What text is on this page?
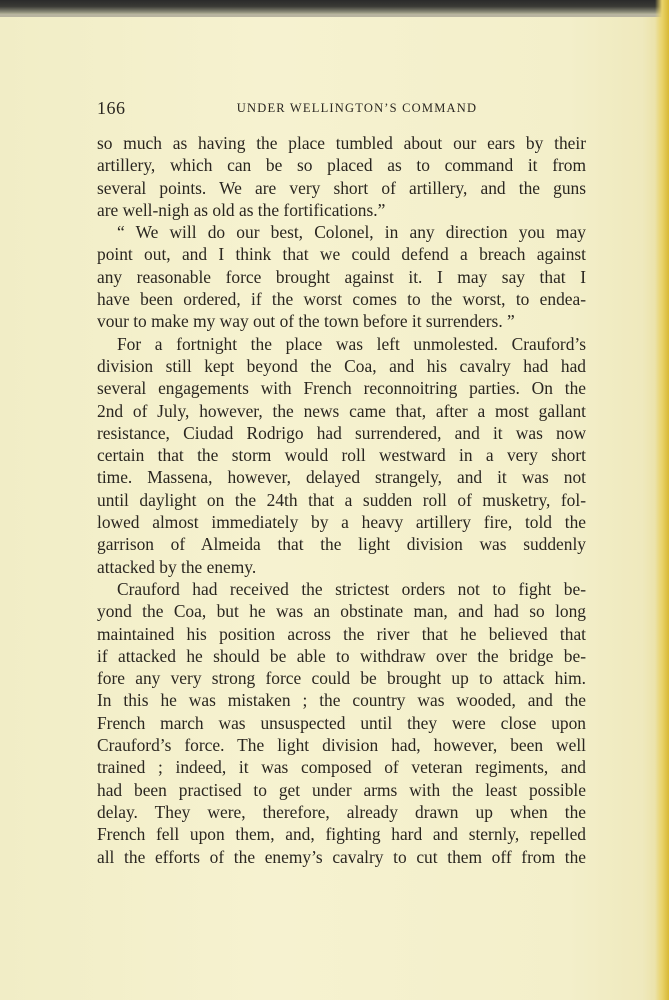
166	UNDER WELLINGTON’S COMMAND
so much as having the place tumbled about our ears by their
artillery, which can be so placed as to command it from
several points. We are very short of artillery, and the guns
are well-nigh as old as the fortifications.”
“ We will do our best, Colonel, in any direction you may
point out, and I think that we could defend a breach against
any reasonable force brought against it. I may say that I
have been ordered, if the worst comes to the worst, to endea-
vour to make my way out of the town before it surrenders. ”
For a fortnight the place was left unmolested. Crauford’s
division still kept beyond the Coa, and his cavalry had had
several engagements with French reconnoitring parties. On the
2nd of July, however, the news came that, after a most gallant
resistance, Ciudad Rodrigo had surrendered, and it was now
certain that the storm would roll westward in a very short
time. Massena, however, delayed strangely, and it was not
until daylight on the 24th that a sudden roll of musketry, fol-
lowed almost immediately by a heavy artillery fire, told the
garrison of Almeida that the light division was suddenly
attacked by the enemy.
Crauford had received the strictest orders not to fight be-
yond the Coa, but he was an obstinate man, and had so long
maintained his position across the river that he believed that
if attacked he should be able to withdraw over the bridge be-
fore any very strong force could be brought up to attack him.
In this he was mistaken ; the country was wooded, and the
French march was unsuspected until they were close upon
Crauford’s force. The light division had, however, been well
trained ; indeed, it was composed of veteran regiments, and
had been practised to get under arms with the least possible
delay. They were, therefore, already drawn up when the
French fell upon them, and, fighting hard and sternly, repelled
all the efforts of the enemy’s cavalry to cut them off from the
